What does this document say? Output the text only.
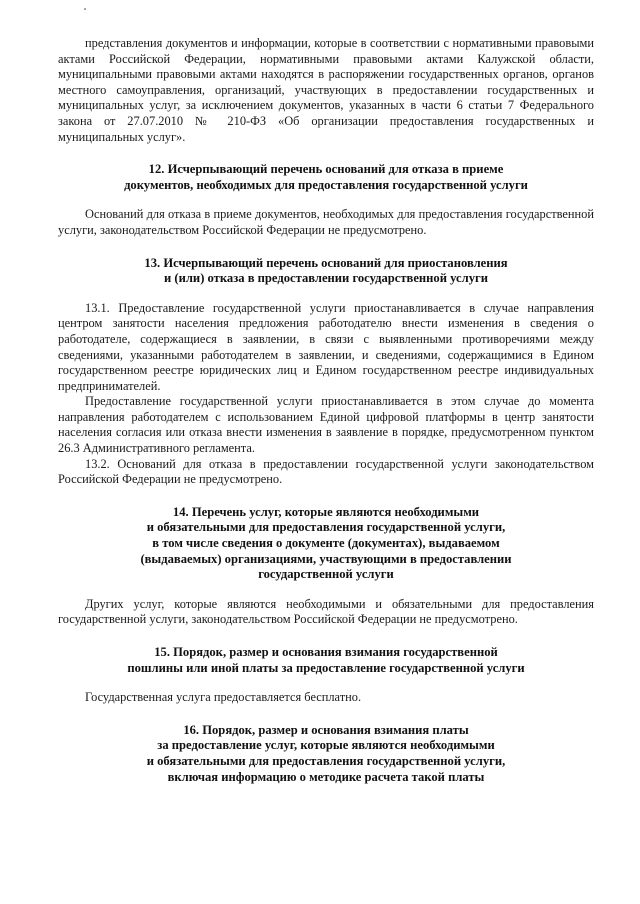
представления документов и информации, которые в соответствии с нормативными правовыми актами Российской Федерации, нормативными правовыми актами Калужской области, муниципальными правовыми актами находятся в распоряжении государственных органов, органов местного самоуправления, организаций, участвующих в предоставлении государственных и муниципальных услуг, за исключением документов, указанных в части 6 статьи 7 Федерального закона от 27.07.2010 № 210-ФЗ «Об организации предоставления государственных и муниципальных услуг».

12. Исчерпывающий перечень оснований для отказа в приеме
документов, необходимых для предоставления государственной услуги

Оснований для отказа в приеме документов, необходимых для предоставления государственной услуги, законодательством Российской Федерации не предусмотрено.

13. Исчерпывающий перечень оснований для приостановления
и (или) отказа в предоставлении государственной услуги

13.1. Предоставление государственной услуги приостанавливается в случае направления центром занятости населения предложения работодателю внести изменения в сведения о работодателе, содержащиеся в заявлении, в связи с выявленными противоречиями между сведениями, указанными работодателем в заявлении, и сведениями, содержащимися в Едином государственном реестре юридических лиц и Едином государственном реестре индивидуальных предпринимателей.

Предоставление государственной услуги приостанавливается в этом случае до момента направления работодателем с использованием Единой цифровой платформы в центр занятости населения согласия или отказа внести изменения в заявление в порядке, предусмотренном пунктом 26.3 Административного регламента.

13.2. Оснований для отказа в предоставлении государственной услуги законодательством Российской Федерации не предусмотрено.

14. Перечень услуг, которые являются необходимыми
и обязательными для предоставления государственной услуги,
в том числе сведения о документе (документах), выдаваемом
(выдаваемых) организациями, участвующими в предоставлении
государственной услуги

Других услуг, которые являются необходимыми и обязательными для предоставления государственной услуги, законодательством Российской Федерации не предусмотрено.

15. Порядок, размер и основания взимания государственной
пошлины или иной платы за предоставление государственной услуги

Государственная услуга предоставляется бесплатно.

16. Порядок, размер и основания взимания платы
за предоставление услуг, которые являются необходимыми
и обязательными для предоставления государственной услуги,
включая информацию о методике расчета такой платы
